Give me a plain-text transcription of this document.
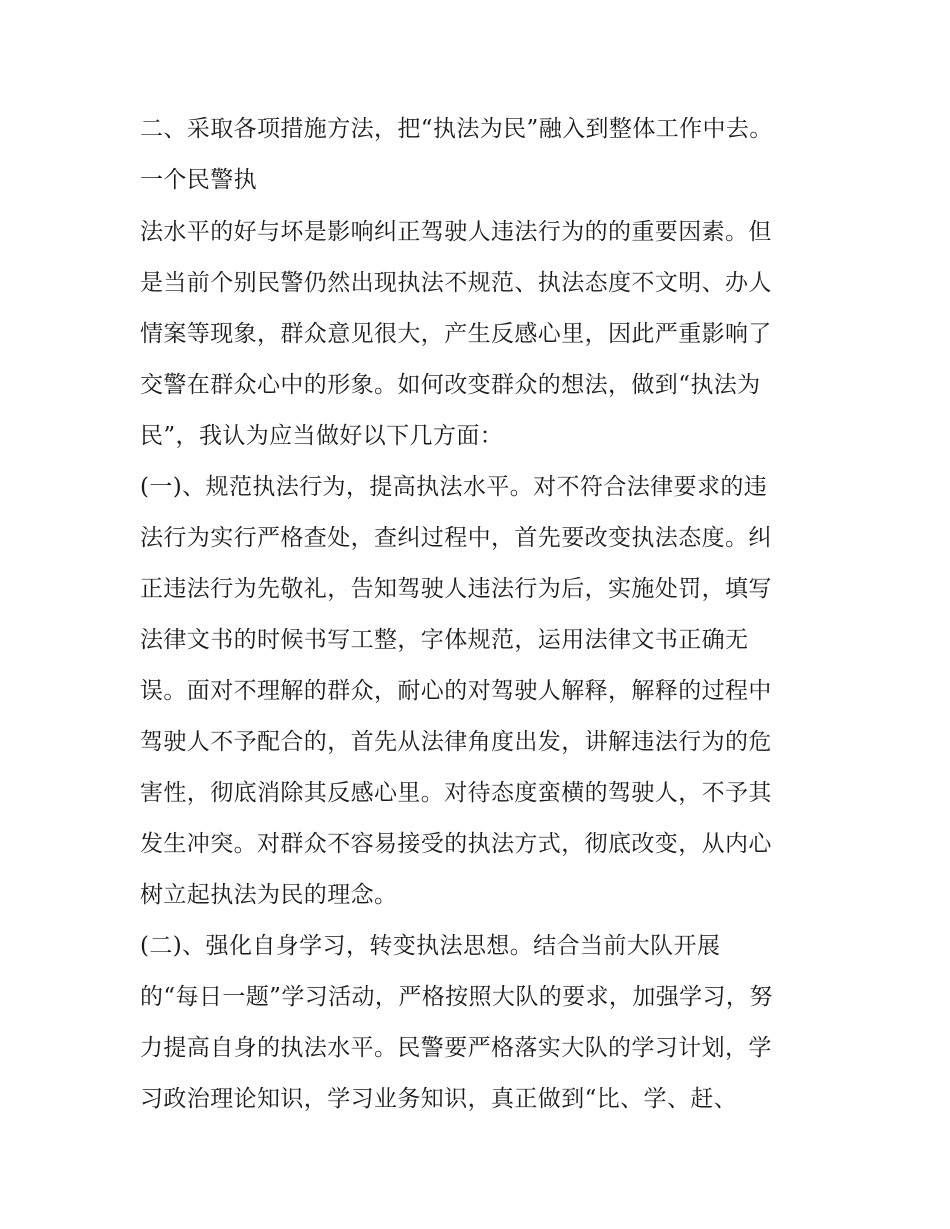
二、采取各项措施方法，把“执法为民”融入到整体工作中去。
一个民警执
法水平的好与坏是影响纠正驾驶人违法行为的的重要因素。但
是当前个别民警仍然出现执法不规范、执法态度不文明、办人
情案等现象，群众意见很大，产生反感心里，因此严重影响了
交警在群众心中的形象。如何改变群众的想法，做到“执法为
民”，我认为应当做好以下几方面：
(一)、规范执法行为，提高执法水平。对不符合法律要求的违
法行为实行严格查处，查纠过程中，首先要改变执法态度。纠
正违法行为先敬礼，告知驾驶人违法行为后，实施处罚，填写
法律文书的时候书写工整，字体规范，运用法律文书正确无
误。面对不理解的群众，耐心的对驾驶人解释，解释的过程中
驾驶人不予配合的，首先从法律角度出发，讲解违法行为的危
害性，彻底消除其反感心里。对待态度蛮横的驾驶人，不予其
发生冲突。对群众不容易接受的执法方式，彻底改变，从内心
树立起执法为民的理念。
(二)、强化自身学习，转变执法思想。结合当前大队开展
的“每日一题”学习活动，严格按照大队的要求，加强学习，努
力提高自身的执法水平。民警要严格落实大队的学习计划，学
习政治理论知识，学习业务知识，真正做到“比、学、赶、
